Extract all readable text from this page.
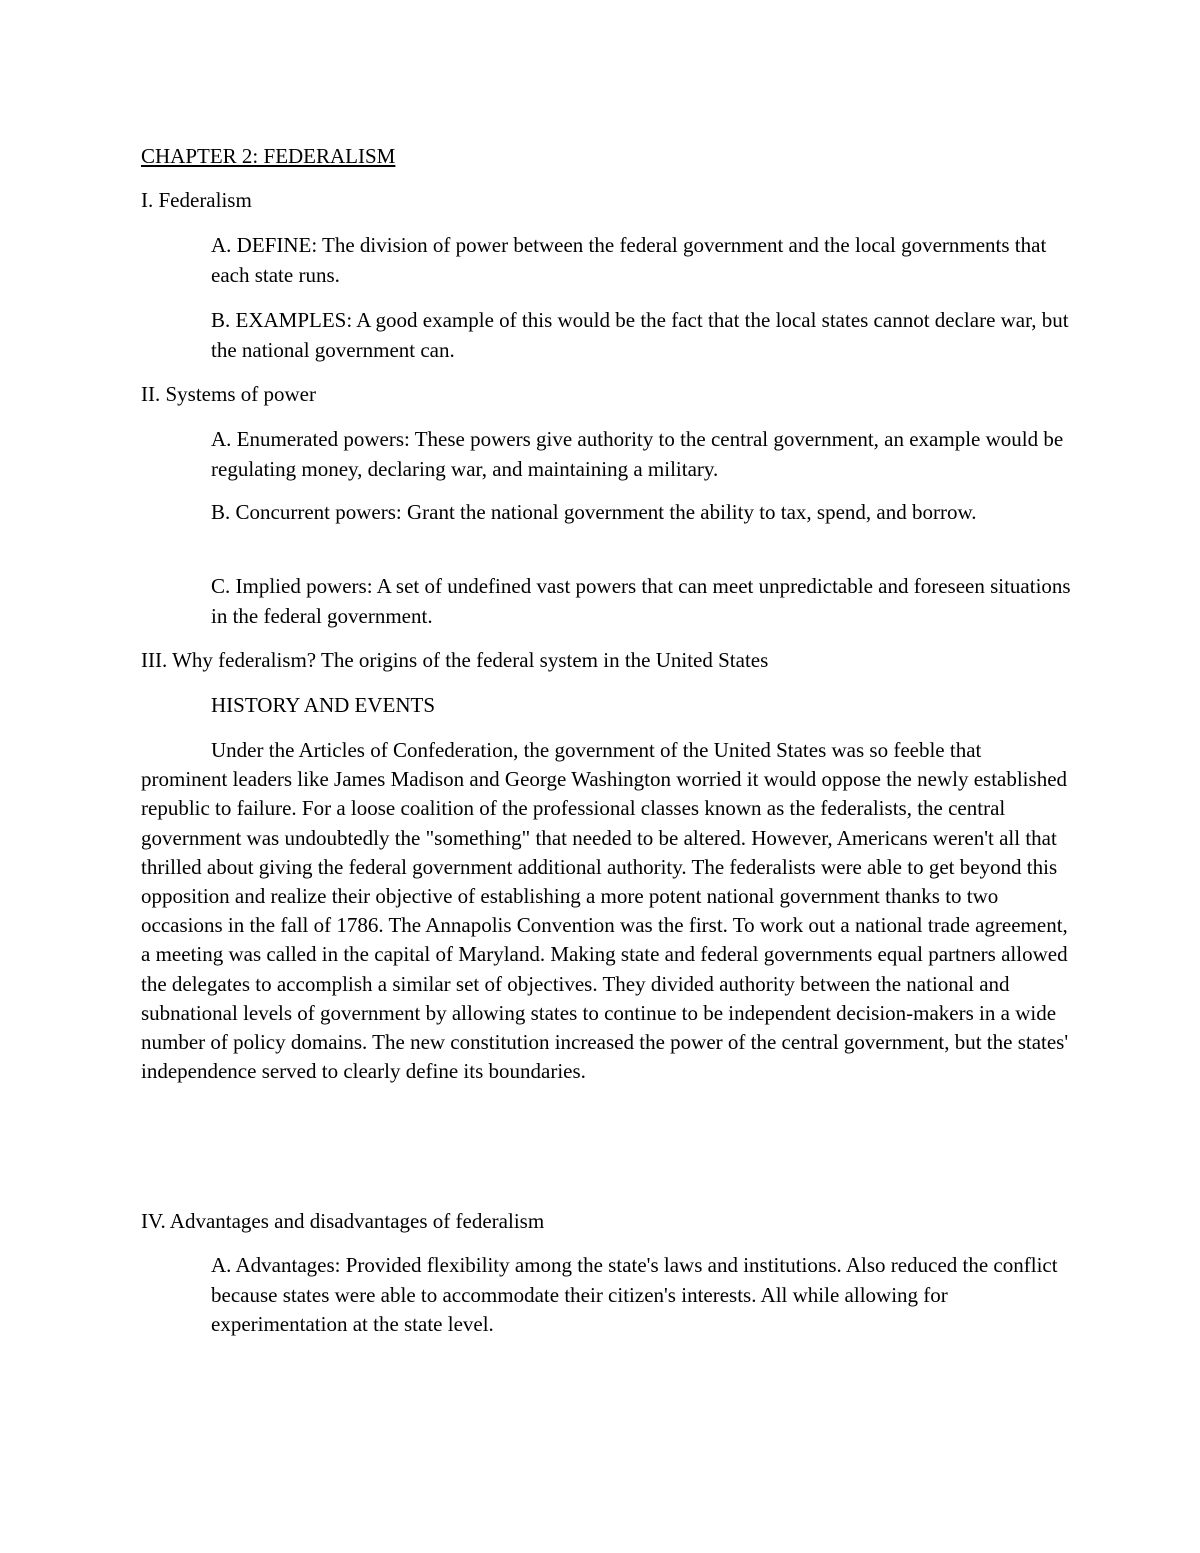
CHAPTER 2: FEDERALISM
I. Federalism
A. DEFINE: The division of power between the federal government and the local governments that each state runs.
B. EXAMPLES: A good example of this would be the fact that the local states cannot declare war, but the national government can.
II. Systems of power
A. Enumerated powers: These powers give authority to the central government, an example would be regulating money, declaring war, and maintaining a military.
B. Concurrent powers: Grant the national government the ability to tax, spend, and borrow.
C. Implied powers: A set of undefined vast powers that can meet unpredictable and foreseen situations in the federal government.
III. Why federalism? The origins of the federal system in the United States
HISTORY AND EVENTS
Under the Articles of Confederation, the government of the United States was so feeble that prominent leaders like James Madison and George Washington worried it would oppose the newly established republic to failure. For a loose coalition of the professional classes known as the federalists, the central government was undoubtedly the "something" that needed to be altered. However, Americans weren't all that thrilled about giving the federal government additional authority. The federalists were able to get beyond this opposition and realize their objective of establishing a more potent national government thanks to two occasions in the fall of 1786. The Annapolis Convention was the first. To work out a national trade agreement, a meeting was called in the capital of Maryland. Making state and federal governments equal partners allowed the delegates to accomplish a similar set of objectives. They divided authority between the national and subnational levels of government by allowing states to continue to be independent decision-makers in a wide number of policy domains. The new constitution increased the power of the central government, but the states' independence served to clearly define its boundaries.
IV. Advantages and disadvantages of federalism
A. Advantages: Provided flexibility among the state's laws and institutions. Also reduced the conflict because states were able to accommodate their citizen's interests. All while allowing for experimentation at the state level.
